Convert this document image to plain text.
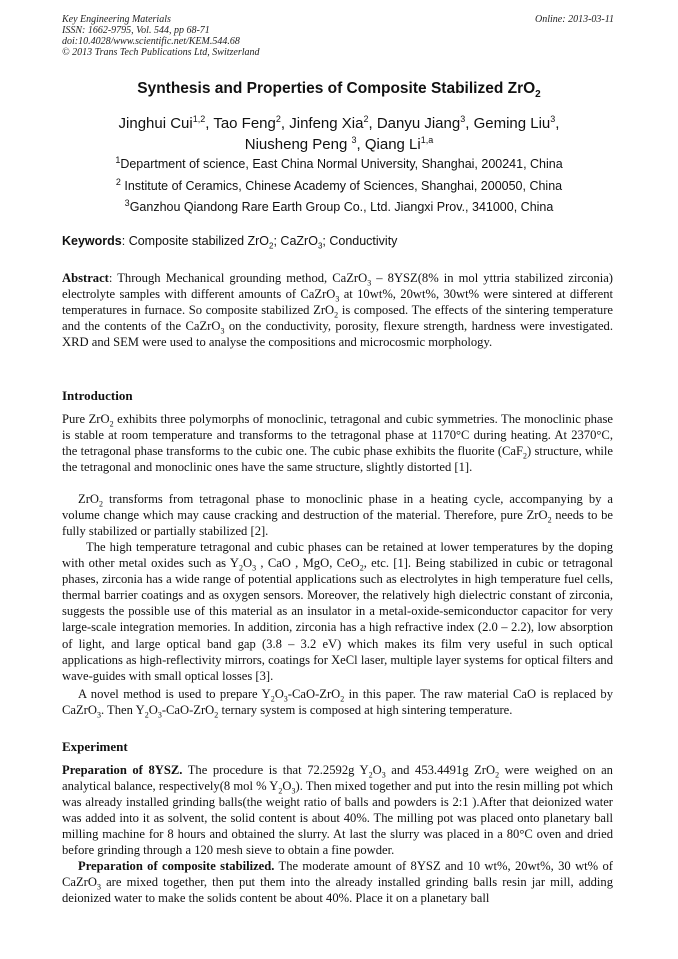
Key Engineering Materials
ISSN: 1662-9795, Vol. 544, pp 68-71
doi:10.4028/www.scientific.net/KEM.544.68
© 2013 Trans Tech Publications Ltd, Switzerland
Online: 2013-03-11
Synthesis and Properties of Composite Stabilized ZrO$_2$
Jinghui Cui$^{1,2}$, Tao Feng$^2$, Jinfeng Xia$^2$, Danyu Jiang$^3$, Geming Liu$^3$,
Niusheng Peng $^3$, Qiang Li$^{1,a}$
$^1$Department of science, East China Normal University, Shanghai, 200241, China
$^2$ Institute of Ceramics, Chinese Academy of Sciences, Shanghai, 200050, China
$^3$Ganzhou Qiandong Rare Earth Group Co., Ltd. Jiangxi Prov., 341000, China
Keywords: Composite stabilized ZrO$_2$; CaZrO$_3$; Conductivity
Abstract: Through Mechanical grounding method, CaZrO$_3$ – 8YSZ(8% in mol yttria stabilized zirconia) electrolyte samples with different amounts of CaZrO$_3$ at 10wt%, 20wt%, 30wt% were sintered at different temperatures in furnace. So composite stabilized ZrO$_2$ is composed. The effects of the sintering temperature and the contents of the CaZrO$_3$ on the conductivity, porosity, flexure strength, hardness were investigated. XRD and SEM were used to analyse the compositions and microcosmic morphology.
Introduction
Pure ZrO$_2$ exhibits three polymorphs of monoclinic, tetragonal and cubic symmetries. The monoclinic phase is stable at room temperature and transforms to the tetragonal phase at 1170°C during heating. At 2370°C, the tetragonal phase transforms to the cubic one. The cubic phase exhibits the fluorite (CaF$_2$) structure, while the tetragonal and monoclinic ones have the same structure, slightly distorted [1].
ZrO$_2$ transforms from tetragonal phase to monoclinic phase in a heating cycle, accompanying by a volume change which may cause cracking and destruction of the material. Therefore, pure ZrO$_2$ needs to be fully stabilized or partially stabilized [2].
The high temperature tetragonal and cubic phases can be retained at lower temperatures by the doping with other metal oxides such as $Y_2O_3$ , CaO , MgO, CeO$_2$, etc. [1]. Being stabilized in cubic or tetragonal phases, zirconia has a wide range of potential applications such as electrolytes in high temperature fuel cells, thermal barrier coatings and as oxygen sensors. Moreover, the relatively high dielectric constant of zirconia, suggests the possible use of this material as an insulator in a metal-oxide-semiconductor capacitor for very large-scale integration memories. In addition, zirconia has a high refractive index (2.0 – 2.2), low absorption of light, and large optical band gap (3.8 – 3.2 eV) which makes its film very useful in such optical applications as high-reflectivity mirrors, coatings for XeCl laser, multiple layer systems for optical filters and wave-guides with small optical losses [3].
A novel method is used to prepare $Y_2O_3-CaO-ZrO_2$ in this paper. The raw material CaO is replaced by CaZrO$_3$. Then $Y_2O_3-CaO-ZrO_2$ ternary system is composed at high sintering temperature.
Experiment
Preparation of 8YSZ. The procedure is that 72.2592g $Y_2O_3$ and 453.4491g ZrO$_2$ were weighed on an analytical balance, respectively(8 mol % $Y_2O_3$). Then mixed together and put into the resin milling pot which was already installed grinding balls(the weight ratio of balls and powders is 2:1 ).After that deionized water was added into it as solvent, the solid content is about 40%. The milling pot was placed onto planetary ball milling machine for 8 hours and obtained the slurry. At last the slurry was placed in a 80°C oven and dried before grinding through a 120 mesh sieve to obtain a fine powder.
Preparation of composite stabilized. The moderate amount of 8YSZ and 10 wt%, 20wt%, 30 wt% of CaZrO$_3$ are mixed together, then put them into the already installed grinding balls resin jar mill, adding deionized water to make the solids content be about 40%. Place it on a planetary ball
